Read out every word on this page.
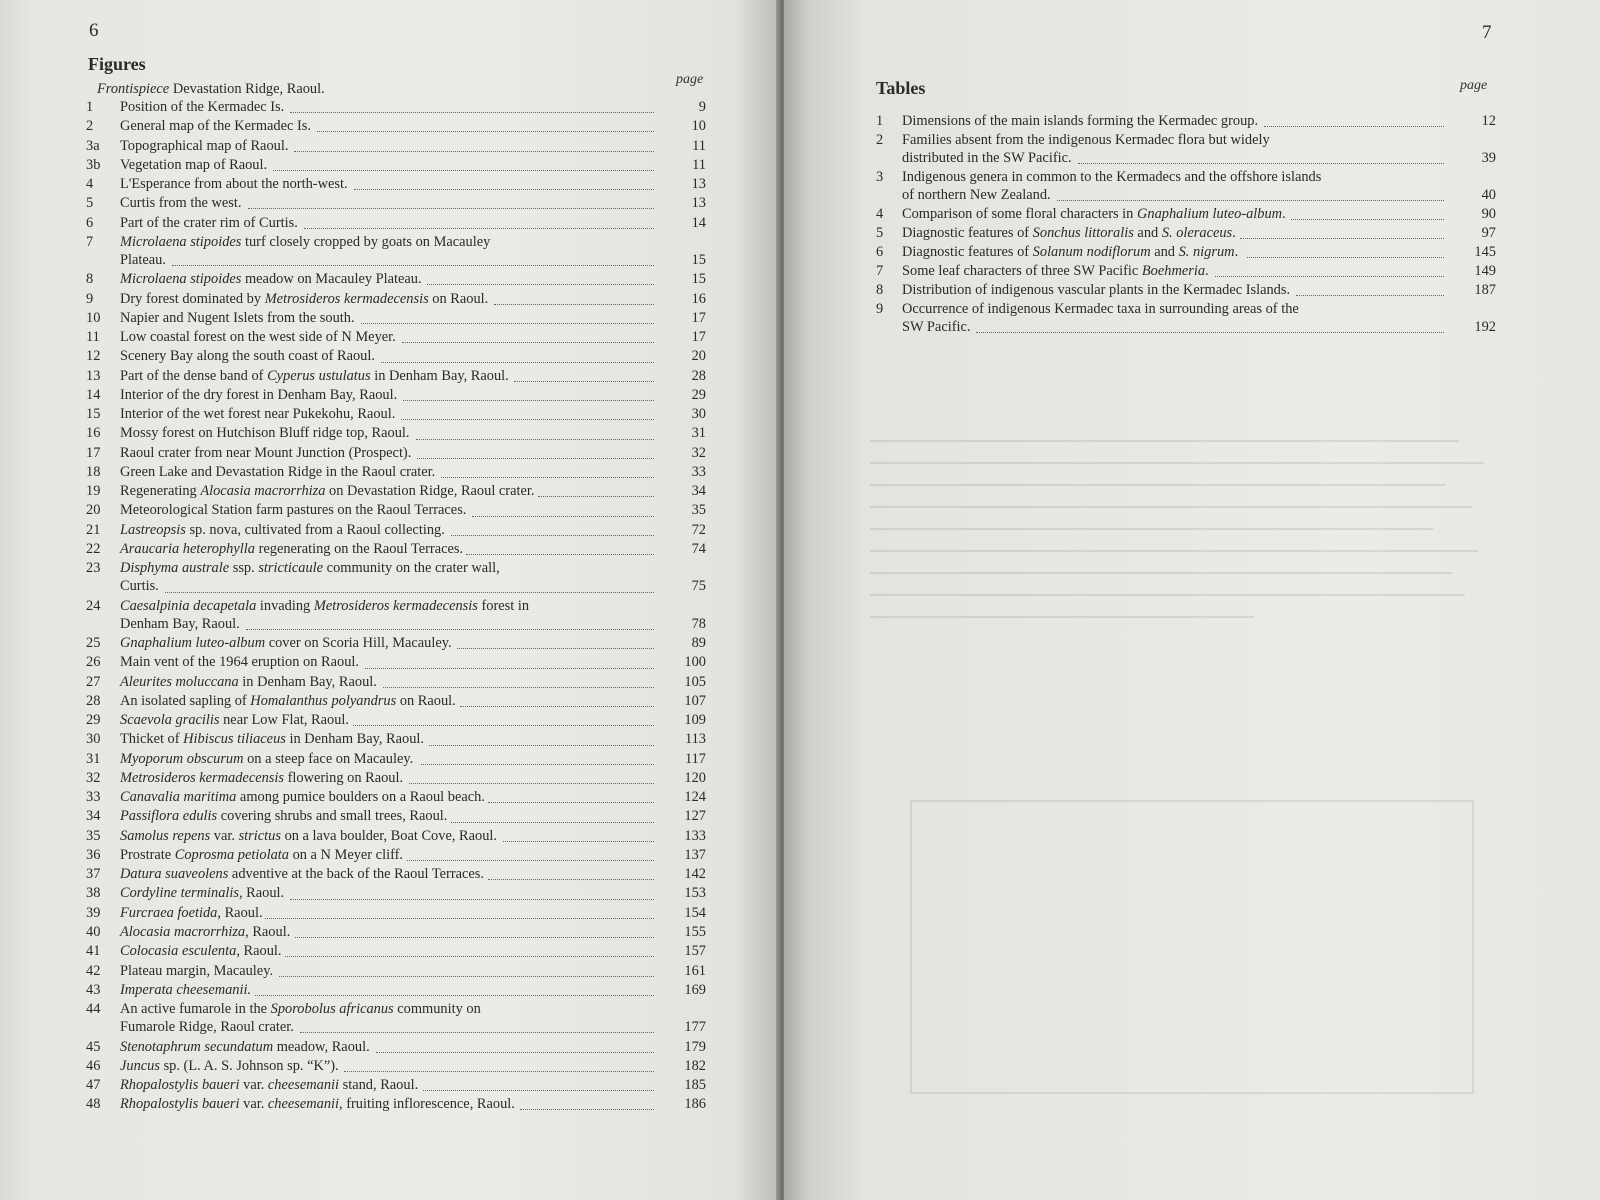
6
Figures
page
Frontispiece Devastation Ridge, Raoul.
1 Position of the Kermadec Is.	9
2 General map of the Kermadec Is.	10
3a Topographical map of Raoul.	11
3b Vegetation map of Raoul.	11
4 L'Esperance from about the north-west.	13
5 Curtis from the west.	13
6 Part of the crater rim of Curtis.	14
7 Microlaena stipoides turf closely cropped by goats on Macauley
Plateau.	15
8 Microlaena stipoides meadow on Macauley Plateau.	15
9 Dry forest dominated by Metrosideros kermadecensis on Raoul.	16
10 Napier and Nugent Islets from the south.	17
11 Low coastal forest on the west side of N Meyer.	17
12 Scenery Bay along the south coast of Raoul.	20
13 Part of the dense band of Cyperus ustulatus in Denham Bay, Raoul.	28
14 Interior of the dry forest in Denham Bay, Raoul.	29
15 Interior of the wet forest near Pukekohu, Raoul.	30
16 Mossy forest on Hutchison Bluff ridge top, Raoul.	31
17 Raoul crater from near Mount Junction (Prospect).	32
18 Green Lake and Devastation Ridge in the Raoul crater.	33
19 Regenerating Alocasia macrorrhiza on Devastation Ridge, Raoul crater.	34
20 Meteorological Station farm pastures on the Raoul Terraces.	35
21 Lastreopsis sp. nova, cultivated from a Raoul collecting.	72
22 Araucaria heterophylla regenerating on the Raoul Terraces.	74
23 Disphyma australe ssp. stricticaule community on the crater wall,
Curtis.	75
24 Caesalpinia decapetala invading Metrosideros kermadecensis forest in
Denham Bay, Raoul.	78
25 Gnaphalium luteo-album cover on Scoria Hill, Macauley.	89
26 Main vent of the 1964 eruption on Raoul.	100
27 Aleurites moluccana in Denham Bay, Raoul.	105
28 An isolated sapling of Homalanthus polyandrus on Raoul.	107
29 Scaevola gracilis near Low Flat, Raoul.	109
30 Thicket of Hibiscus tiliaceus in Denham Bay, Raoul.	113
31 Myoporum obscurum on a steep face on Macauley.	117
32 Metrosideros kermadecensis flowering on Raoul.	120
33 Canavalia maritima among pumice boulders on a Raoul beach.	124
34 Passiflora edulis covering shrubs and small trees, Raoul.	127
35 Samolus repens var. strictus on a lava boulder, Boat Cove, Raoul.	133
36 Prostrate Coprosma petiolata on a N Meyer cliff.	137
37 Datura suaveolens adventive at the back of the Raoul Terraces.	142
38 Cordyline terminalis, Raoul.	153
39 Furcraea foetida, Raoul.	154
40 Alocasia macrorrhiza, Raoul.	155
41 Colocasia esculenta, Raoul.	157
42 Plateau margin, Macauley.	161
43 Imperata cheesemanii.	169
44 An active fumarole in the Sporobolus africanus community on
Fumarole Ridge, Raoul crater.	177
45 Stenotaphrum secundatum meadow, Raoul.	179
46 Juncus sp. (L. A. S. Johnson sp. “K”).	182
47 Rhopalostylis baueri var. cheesemanii stand, Raoul.	185
48 Rhopalostylis baueri var. cheesemanii, fruiting inflorescence, Raoul.	186
7
Tables	page
1 Dimensions of the main islands forming the Kermadec group.	12
2 Families absent from the indigenous Kermadec flora but widely
distributed in the SW Pacific.	39
3 Indigenous genera in common to the Kermadecs and the offshore islands
of northern New Zealand.	40
4 Comparison of some floral characters in Gnaphalium luteo-album.	90
5 Diagnostic features of Sonchus littoralis and S. oleraceus.	97
6 Diagnostic features of Solanum nodiflorum and S. nigrum.	145
7 Some leaf characters of three SW Pacific Boehmeria.	149
8 Distribution of indigenous vascular plants in the Kermadec Islands.	187
9 Occurrence of indigenous Kermadec taxa in surrounding areas of the
SW Pacific.	192
